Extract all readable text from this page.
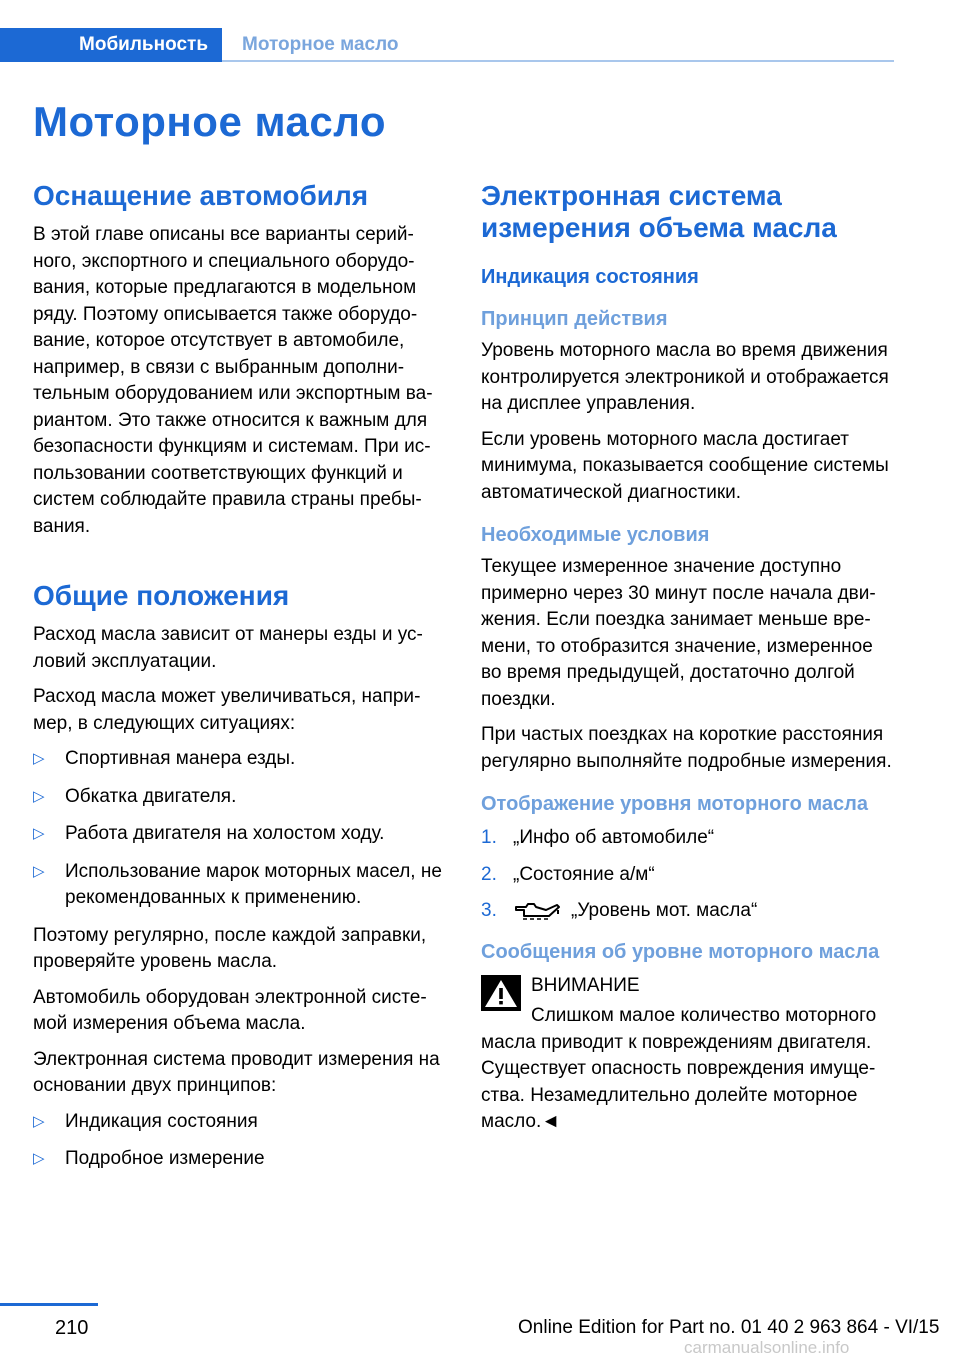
Мобильность	Моторное масло
Моторное масло
Оснащение автомобиля

В этой главе описаны все варианты серийного, экспортного и специального оборудования, которые предлагаются в модельном ряду. Поэтому описывается также оборудование, которое отсутствует в автомобиле, например, в связи с выбранным дополнительным оборудованием или экспортным вариантом. Это также относится к важным для безопасности функциям и системам. При использовании соответствующих функций и систем соблюдайте правила страны пребывания.

Общие положения

Расход масла зависит от манеры езды и условий эксплуатации.

Расход масла может увеличиваться, например, в следующих ситуациях:

▷ Спортивная манера езды.
▷ Обкатка двигателя.
▷ Работа двигателя на холостом ходу.
▷ Использование марок моторных масел, не рекомендованных к применению.

Поэтому регулярно, после каждой заправки, проверяйте уровень масла.

Автомобиль оборудован электронной системой измерения объема масла.

Электронная система проводит измерения на основании двух принципов:

▷ Индикация состояния
▷ Подробное измерение
Электронная система измерения объема масла
Индикация состояния
Принцип действия

Уровень моторного масла во время движения контролируется электроникой и отображается на дисплее управления.

Если уровень моторного масла достигает минимума, показывается сообщение системы автоматической диагностики.

Необходимые условия

Текущее измеренное значение доступно примерно через 30 минут после начала движения. Если поездка занимает меньше времени, то отобразится значение, измеренное во время предыдущей, достаточно долгой поездки.

При частых поездках на короткие расстояния регулярно выполняйте подробные измерения.

Отображение уровня моторного масла
1. „Инфо об автомобиле“
2. „Состояние а/м“
3.	„Уровень мот. масла“
Сообщения об уровне моторного масла

ВНИМАНИЕ

Слишком малое количество моторного масла приводит к повреждениям двигателя. Существует опасность повреждения имущества. Незамедлительно долейте моторное масло.◄

210	Online Edition for Part no. 01 40 2 963 864 - VI/15
carmanualsonline.info
